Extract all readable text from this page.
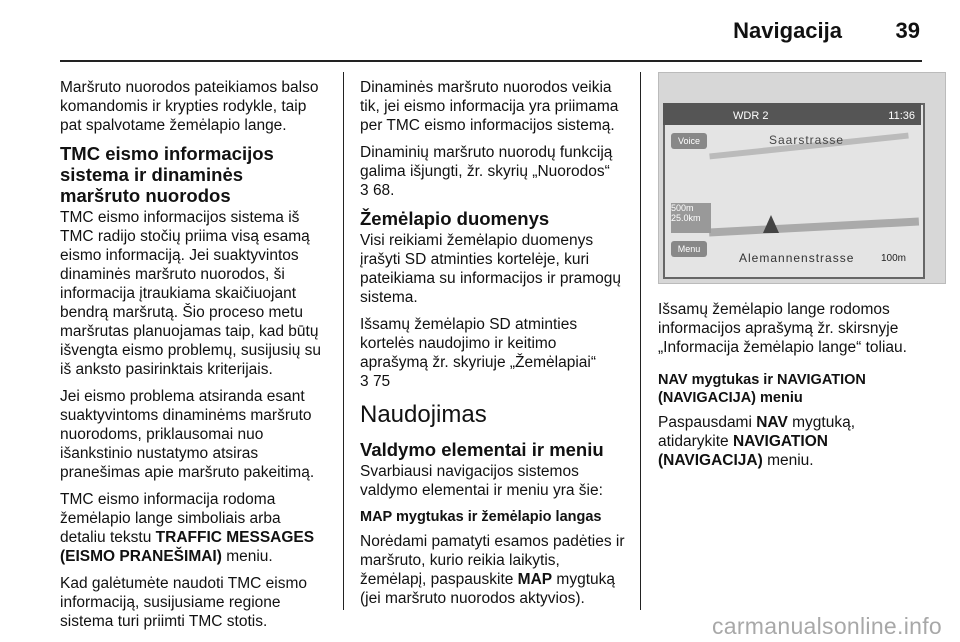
Navigacija 39

Maršruto nuorodos pateikiamos balso komandomis ir krypties rodykle, taip pat spalvotame žemėlapio lange.

TMC eismo informacijos sistema ir dinaminės maršruto nuorodos

TMC eismo informacijos sistema iš TMC radijo stočių priima visą esamą eismo informaciją. Jei suaktyvintos dinaminės maršruto nuorodos, ši informacija įtraukiama skaičiuojant bendrą maršrutą. Šio proceso metu maršrutas planuojamas taip, kad būtų išvengta eismo problemų, susijusių su iš anksto pasirinktais kriterijais.

Jei eismo problema atsiranda esant suaktyvintoms dinaminėms maršruto nuorodoms, priklausomai nuo išankstinio nustatymo atsiras pranešimas apie maršruto pakeitimą.

TMC eismo informacija rodoma žemėlapio lange simboliais arba detaliu tekstu TRAFFIC MESSAGES (EISMO PRANEŠIMAI) meniu.

Kad galėtumėte naudoti TMC eismo informaciją, susijusiame regione sistema turi priimti TMC stotis.

Dinaminės maršruto nuorodos veikia tik, jei eismo informacija yra priimama per TMC eismo informacijos sistemą.

Dinaminių maršruto nuorodų funkciją galima išjungti, žr. skyrių „Nuorodos“
3 68.

Žemėlapio duomenys

Visi reikiami žemėlapio duomenys įrašyti SD atminties kortelėje, kuri pateikiama su informacijos ir pramogų sistema.

Išsamų žemėlapio SD atminties kortelės naudojimo ir keitimo aprašymą žr. skyriuje „Žemėlapiai“
3 75

Naudojimas
Valdymo elementai ir meniu

Svarbiausi navigacijos sistemos valdymo elementai ir meniu yra šie:

MAP mygtukas ir žemėlapio langas

Norėdami pamatyti esamos padėties ir maršruto, kurio reikia laikytis, žemėlapį, paspauskite MAP mygtuką (jei maršruto nuorodos aktyvios).

WDR 2	11:36
Saarstrasse
Voice
500m
25.0km
Menu
Alemannenstrasse	100m

Išsamų žemėlapio lange rodomos informacijos aprašymą žr. skirsnyje „Informacija žemėlapio lange“ toliau.

NAV mygtukas ir NAVIGATION (NAVIGACIJA) meniu

Paspausdami NAV mygtuką, atidarykite NAVIGATION (NAVIGACIJA) meniu.

carmanualsonline.info
